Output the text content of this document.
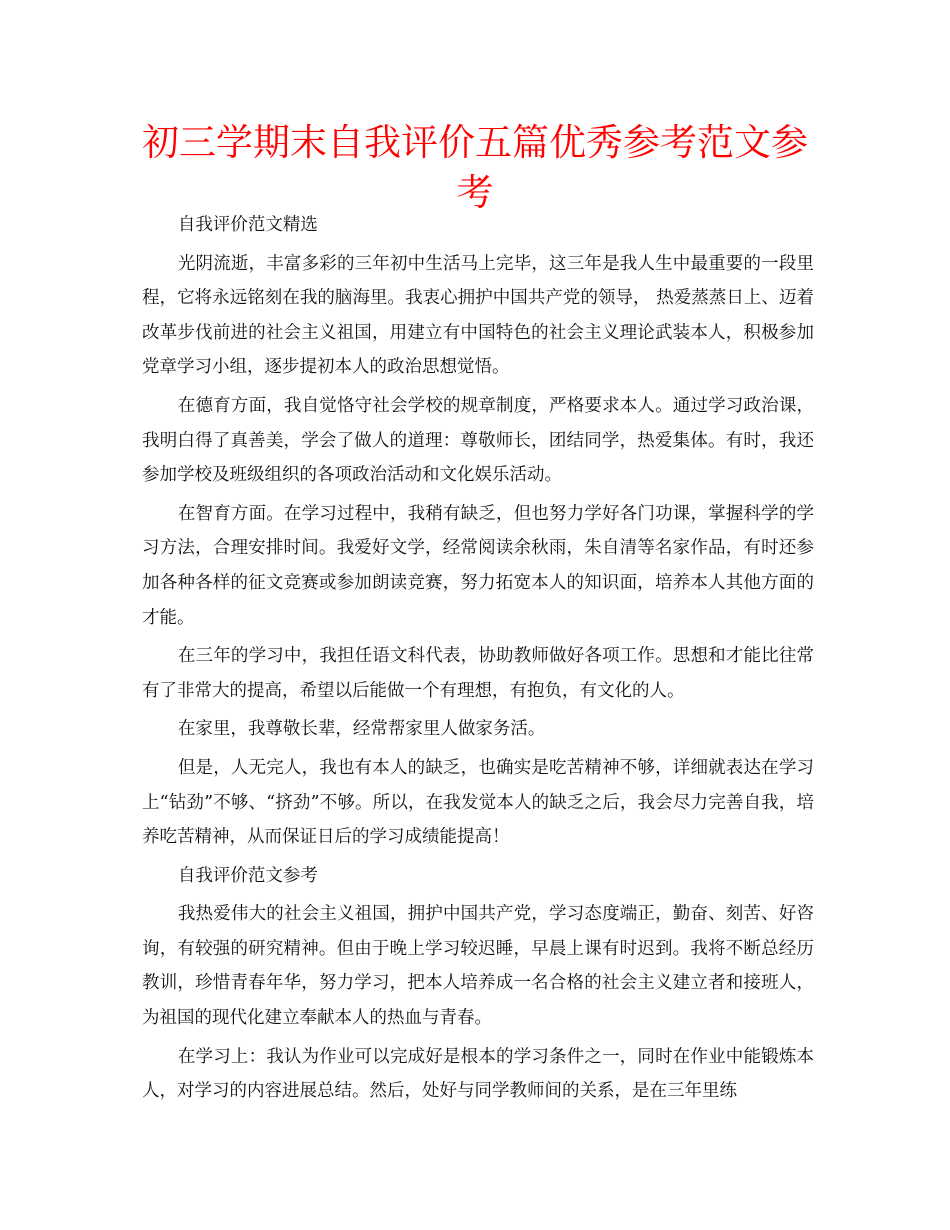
初三学期末自我评价五篇优秀参考范文参考

自我评价范文精选

光阴流逝，丰富多彩的三年初中生活马上完毕，这三年是我人生中最重要的一段里程，它将永远铭刻在我的脑海里。我衷心拥护中国共产党的领导， 热爱蒸蒸日上、迈着改革步伐前进的社会主义祖国，用建立有中国特色的社会主义理论武装本人，积极参加党章学习小组，逐步提初本人的政治思想觉悟。

在德育方面，我自觉恪守社会学校的规章制度，严格要求本人。通过学习政治课，我明白得了真善美，学会了做人的道理：尊敬师长，团结同学，热爱集体。有时，我还参加学校及班级组织的各项政治活动和文化娱乐活动。

在智育方面。在学习过程中，我稍有缺乏，但也努力学好各门功课，掌握科学的学习方法，合理安排时间。我爱好文学，经常阅读余秋雨，朱自清等名家作品，有时还参加各种各样的征文竞赛或参加朗读竞赛，努力拓宽本人的知识面，培养本人其他方面的才能。

在三年的学习中，我担任语文科代表，协助教师做好各项工作。思想和才能比往常有了非常大的提高，希望以后能做一个有理想，有抱负，有文化的人。

在家里，我尊敬长辈，经常帮家里人做家务活。

但是，人无完人，我也有本人的缺乏，也确实是吃苦精神不够，详细就表达在学习上“钻劲”不够、“挤劲”不够。所以，在我发觉本人的缺乏之后，我会尽力完善自我，培养吃苦精神，从而保证日后的学习成绩能提高！

自我评价范文参考

我热爱伟大的社会主义祖国，拥护中国共产党，学习态度端正，勤奋、刻苦、好咨询，有较强的研究精神。但由于晚上学习较迟睡，早晨上课有时迟到。我将不断总经历教训，珍惜青春年华，努力学习，把本人培养成一名合格的社会主义建立者和接班人，为祖国的现代化建立奉献本人的热血与青春。

在学习上：我认为作业可以完成好是根本的学习条件之一，同时在作业中能锻炼本人，对学习的内容进展总结。然后，处好与同学教师间的关系，是在三年里练
